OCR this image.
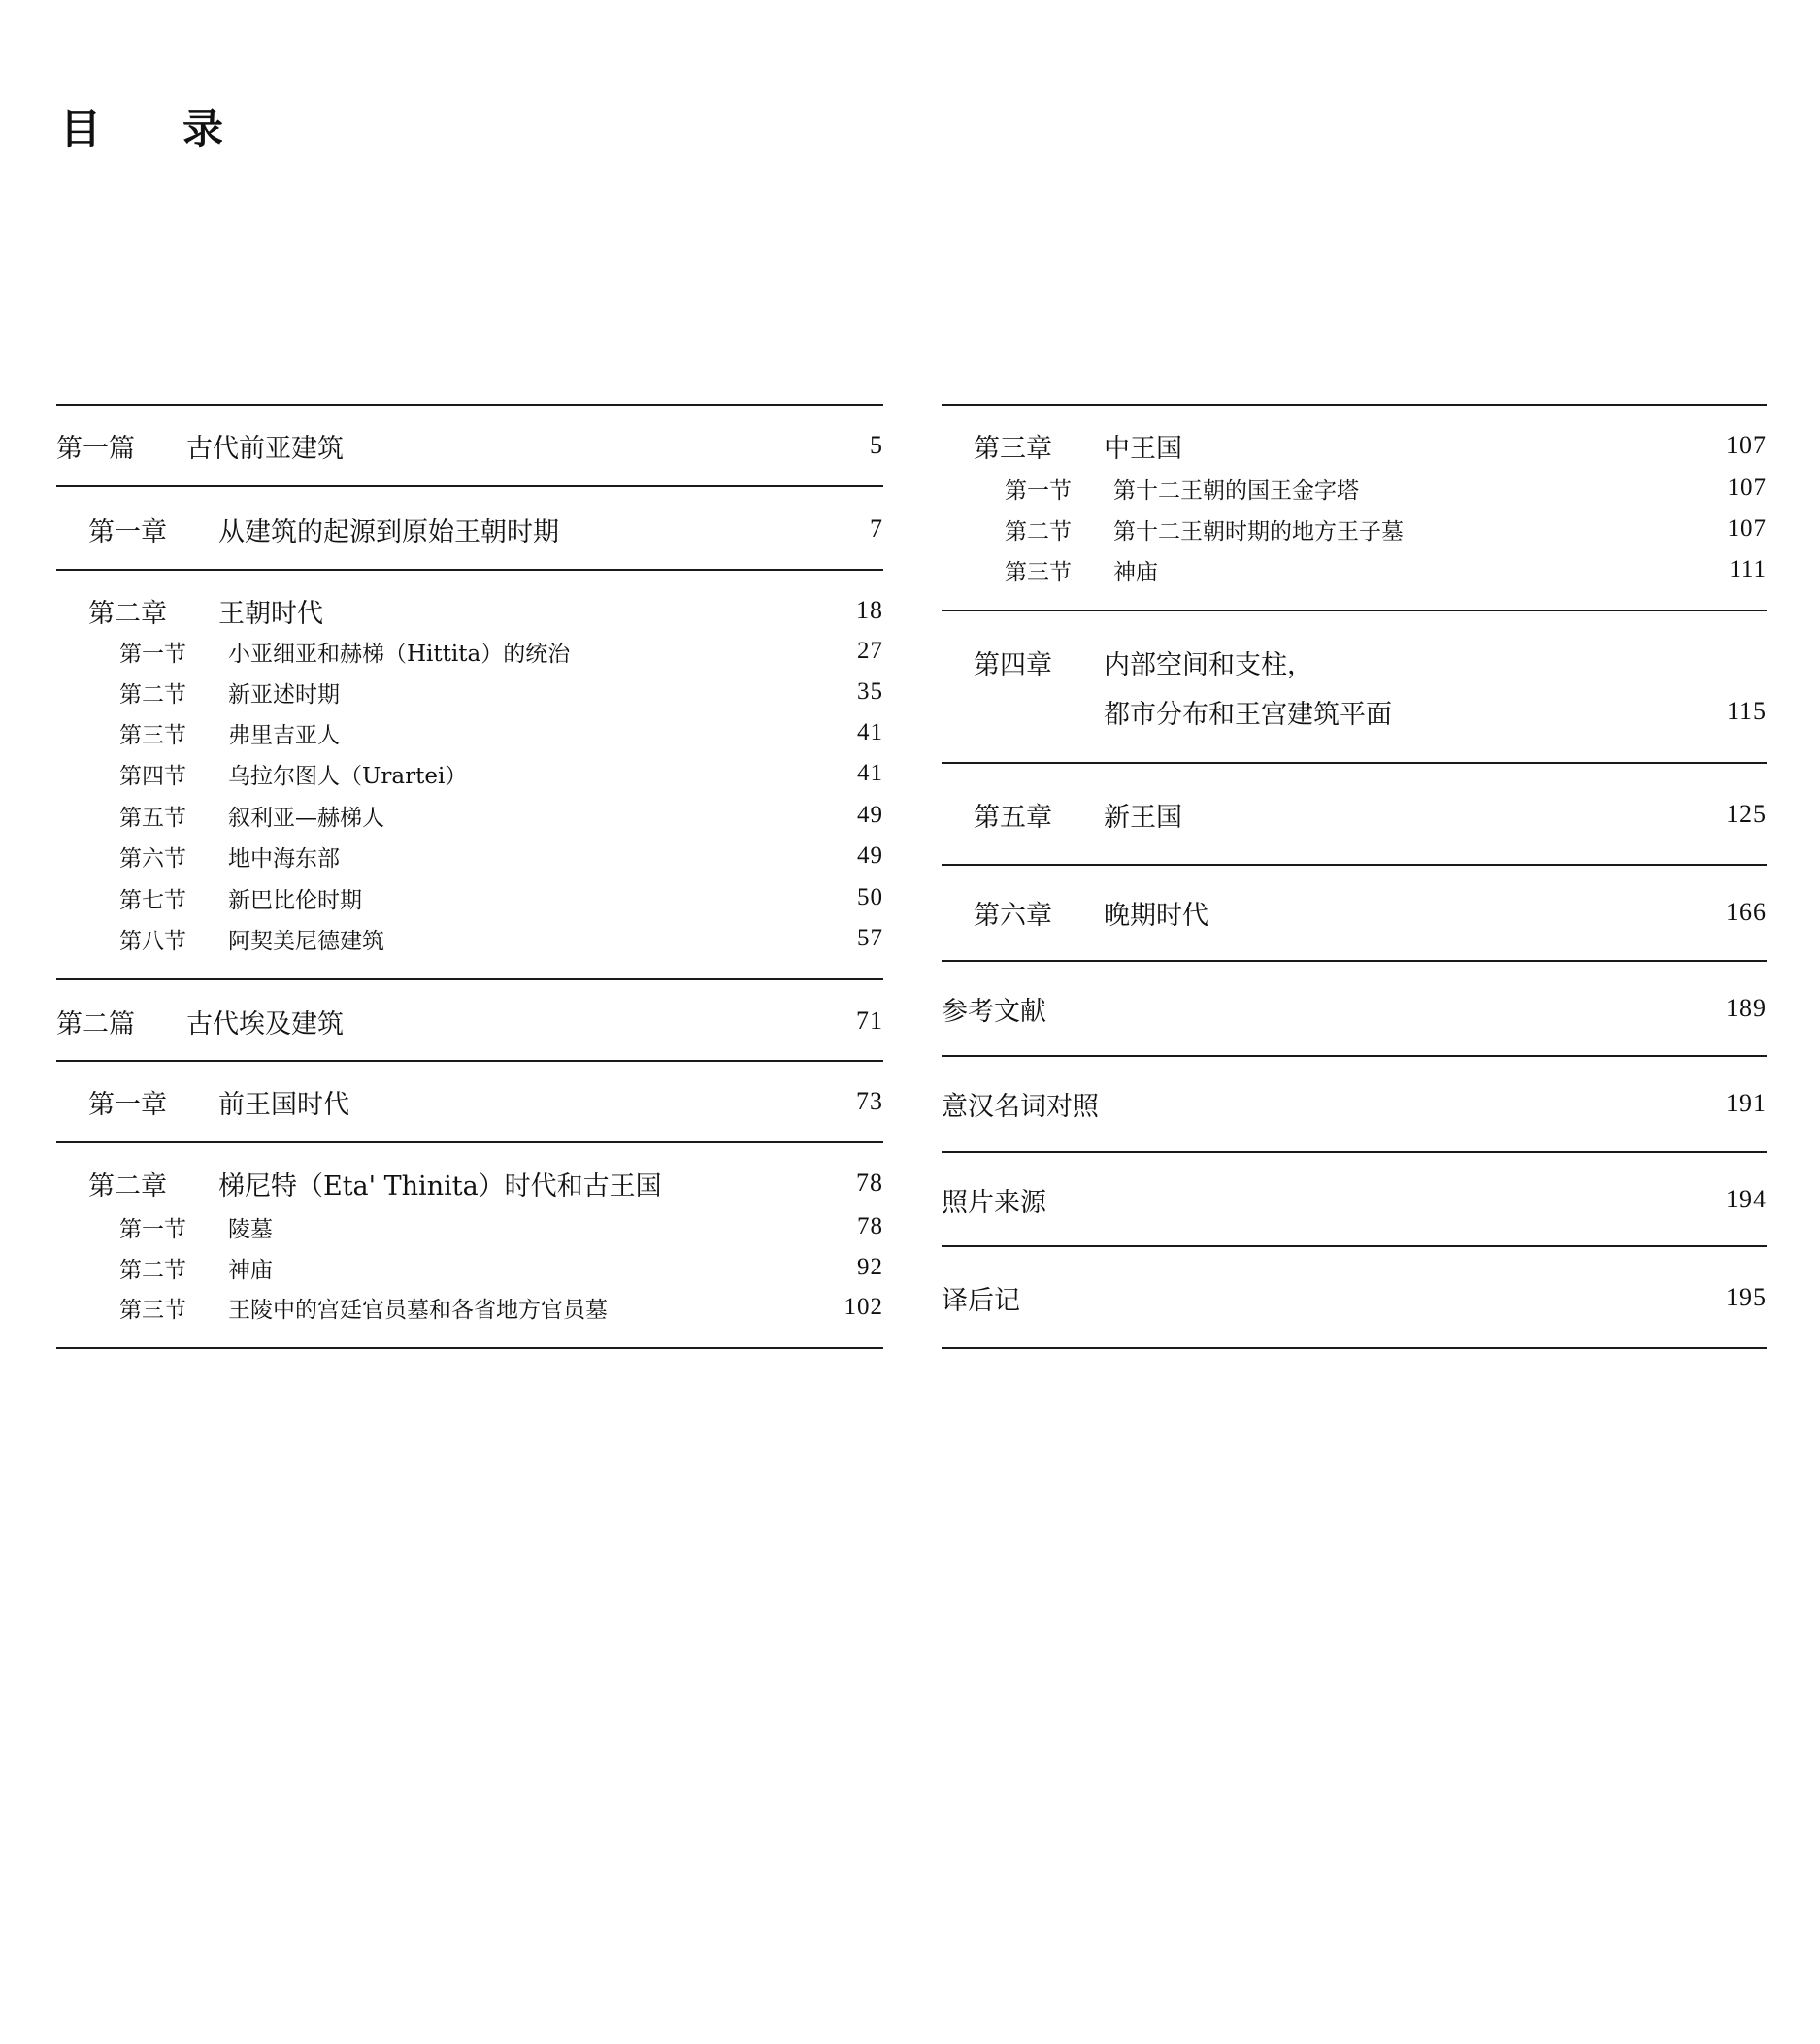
目 录
第一篇	古代前亚建筑	5
第一章	从建筑的起源到原始王朝时期	7
第二章	王朝时代	18
第一节	小亚细亚和赫梯（Hittita）的统治	27
第二节	新亚述时期	35
第三节	弗里吉亚人	41
第四节	乌拉尔图人（Urartei）	41
第五节	叙利亚—赫梯人	49
第六节	地中海东部	49
第七节	新巴比伦时期	50
第八节	阿契美尼德建筑	57
第二篇	古代埃及建筑	71
第一章	前王国时代	73
第二章	梯尼特（Eta' Thinita）时代和古王国	78
第一节	陵墓	78
第二节	神庙	92
第三节	王陵中的宫廷官员墓和各省地方官员墓	102
第三章	中王国	107
第一节	第十二王朝的国王金字塔	107
第二节	第十二王朝时期的地方王子墓	107
第三节	神庙	111
第四章	内部空间和支柱，
都市分布和王宫建筑平面	115
第五章	新王国	125
第六章	晚期时代	166
参考文献	189
意汉名词对照	191
照片来源	194
译后记	195
